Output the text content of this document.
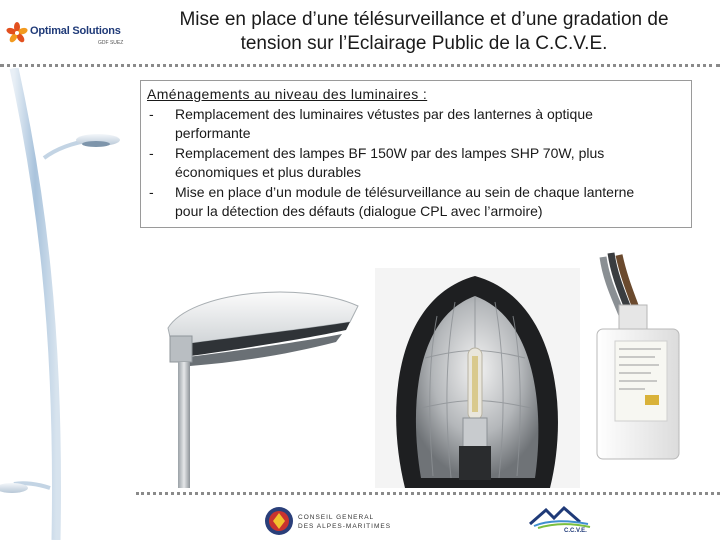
Optimal Solutions
GDF SUEZ
Mise en place d’une télésurveillance et d’une gradation de
tension sur l’Eclairage Public de la C.C.V.E.
Aménagements au niveau des luminaires :
- Remplacement des luminaires vétustes par des lanternes à optique
performante
- Remplacement des lampes BF 150W par des lampes SHP 70W, plus
économiques et plus durables
- Mise en place d’un module de télésurveillance au sein de chaque lanterne
pour la détection des défauts (dialogue CPL avec l’armoire)
CONSEIL GENERAL
DES ALPES-MARITIMES
C.C.V.E.
